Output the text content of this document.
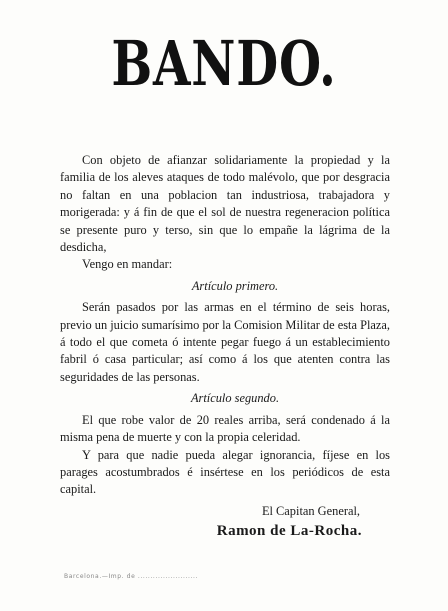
BANDO.

Con objeto de afianzar solidariamente la propiedad y la familia de los aleves ataques de todo malévolo, que por desgracia no faltan en una poblacion tan industriosa, trabajadora y morigerada: y á fin de que el sol de nuestra regeneracion política se presente puro y terso, sin que lo empañe la lágrima de la desdicha,

Vengo en mandar:

Artículo primero.

Serán pasados por las armas en el término de seis horas, previo un juicio sumarísimo por la Comision Militar de esta Plaza, á todo el que cometa ó intente pegar fuego á un establecimiento fabril ó casa particular; así como á los que atenten contra las seguridades de las personas.

Artículo segundo.

El que robe valor de 20 reales arriba, será condenado á la misma pena de muerte y con la propia celeridad.

Y para que nadie pueda alegar ignorancia, fíjese en los parages acostumbrados é insértese en los periódicos de esta capital.

El Capitan General,

Ramon de La-Rocha.

Barcelona.—Imp. de ........................
